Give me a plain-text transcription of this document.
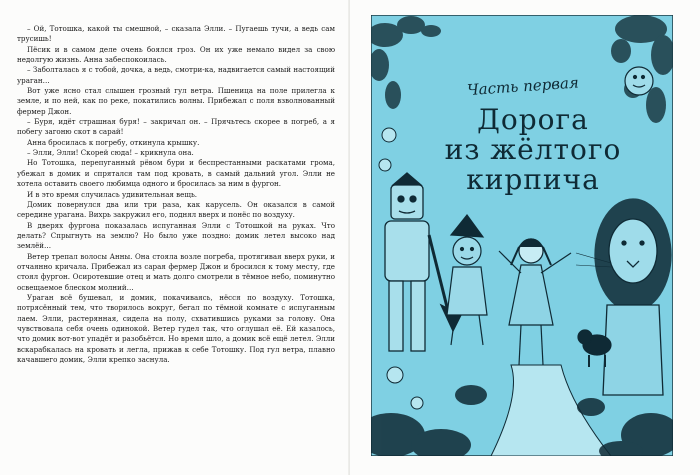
– Ой, Тотошка, какой ты смешной, – сказала Элли. – Пугаешь тучи, а ведь сам трусишь!

Пёсик и в самом деле очень боялся гроз. Он их уже немало видел за свою недолгую жизнь. Анна забеспокоилась.

– Заболталась я с тобой, дочка, а ведь, смотри-ка, надвигается самый настоящий ураган…

Вот уже ясно стал слышен грозный гул ветра. Пшеница на поле прилегла к земле, и по ней, как по реке, покатились волны. Прибежал с поля взволнованный фермер Джон.

– Буря, идёт страшная буря! – закричал он. – Прячьтесь скорее в погреб, а я побегу загоню скот в сарай!

Анна бросилась к погребу, откинула крышку.

– Элли, Элли! Скорей сюда! – крикнула она.

Но Тотошка, перепуганный рёвом бури и беспрестанными раскатами грома, убежал в домик и спрятался там под кровать, в самый дальний угол. Элли не хотела оставить своего любимца одного и бросилась за ним в фургон.

И в это время случилась удивительная вещь.

Домик повернулся два или три раза, как карусель. Он оказался в самой середине урагана. Вихрь закружил его, поднял вверх и понёс по воздуху.

В дверях фургона показалась испуганная Элли с Тотошкой на руках. Что делать? Спрыгнуть на землю? Но было уже поздно: домик летел высоко над землёй…

Ветер трепал волосы Анны. Она стояла возле погреба, протягивая вверх руки, и отчаянно кричала. Прибежал из сарая фермер Джон и бросился к тому месту, где стоял фургон. Осиротевшие отец и мать долго смотрели в тёмное небо, поминутно освещаемое блеском молний…

Ураган всё бушевал, и домик, покачиваясь, нёсся по воздуху. Тотошка, потрясённый тем, что творилось вокруг, бегал по тёмной комнате с испуганным лаем. Элли, растерянная, сидела на полу, схватившись руками за голову. Она чувствовала себя очень одинокой. Ветер гудел так, что оглушал её. Ей казалось, что домик вот-вот упадёт и разобьётся. Но время шло, а домик всё ещё летел. Элли вскарабкалась на кровать и легла, прижав к себе Тотошку. Под гул ветра, плавно качавшего домик, Элли крепко заснула.

Часть первая
Дорога
из жёлтого
кирпича
